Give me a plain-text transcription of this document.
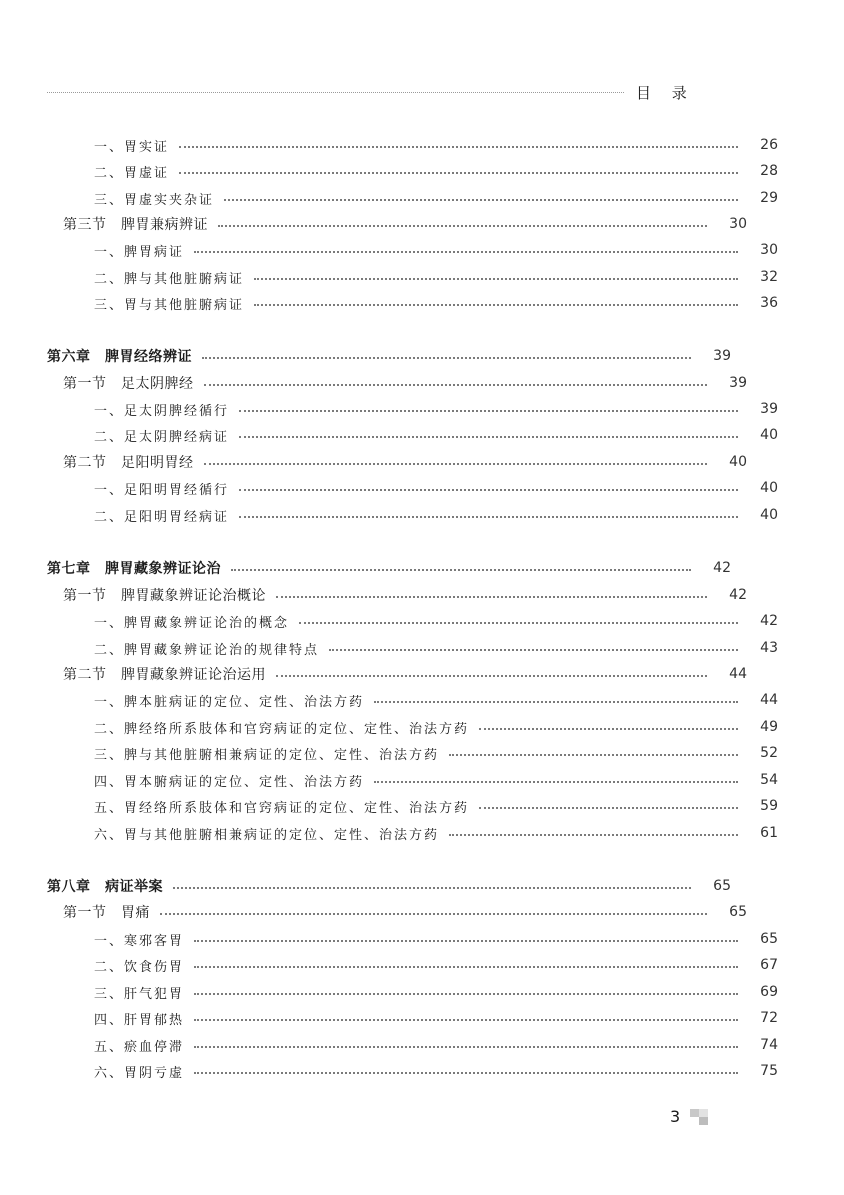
目 录
一、胃实证	26
二、胃虚证	28
三、胃虚实夹杂证	29
第三节　脾胃兼病辨证	30
一、脾胃病证	30
二、脾与其他脏腑病证	32
三、胃与其他脏腑病证	36
第六章　脾胃经络辨证	39
第一节　足太阴脾经	39
一、足太阴脾经循行	39
二、足太阴脾经病证	40
第二节　足阳明胃经	40
一、足阳明胃经循行	40
二、足阳明胃经病证	40
第七章　脾胃藏象辨证论治	42
第一节　脾胃藏象辨证论治概论	42
一、脾胃藏象辨证论治的概念	42
二、脾胃藏象辨证论治的规律特点	43
第二节　脾胃藏象辨证论治运用	44
一、脾本脏病证的定位、定性、治法方药	44
二、脾经络所系肢体和官窍病证的定位、定性、治法方药	49
三、脾与其他脏腑相兼病证的定位、定性、治法方药	52
四、胃本腑病证的定位、定性、治法方药	54
五、胃经络所系肢体和官窍病证的定位、定性、治法方药	59
六、胃与其他脏腑相兼病证的定位、定性、治法方药	61
第八章　病证举案	65
第一节　胃痛	65
一、寒邪客胃	65
二、饮食伤胃	67
三、肝气犯胃	69
四、肝胃郁热	72
五、瘀血停滞	74
六、胃阴亏虚	75
3
